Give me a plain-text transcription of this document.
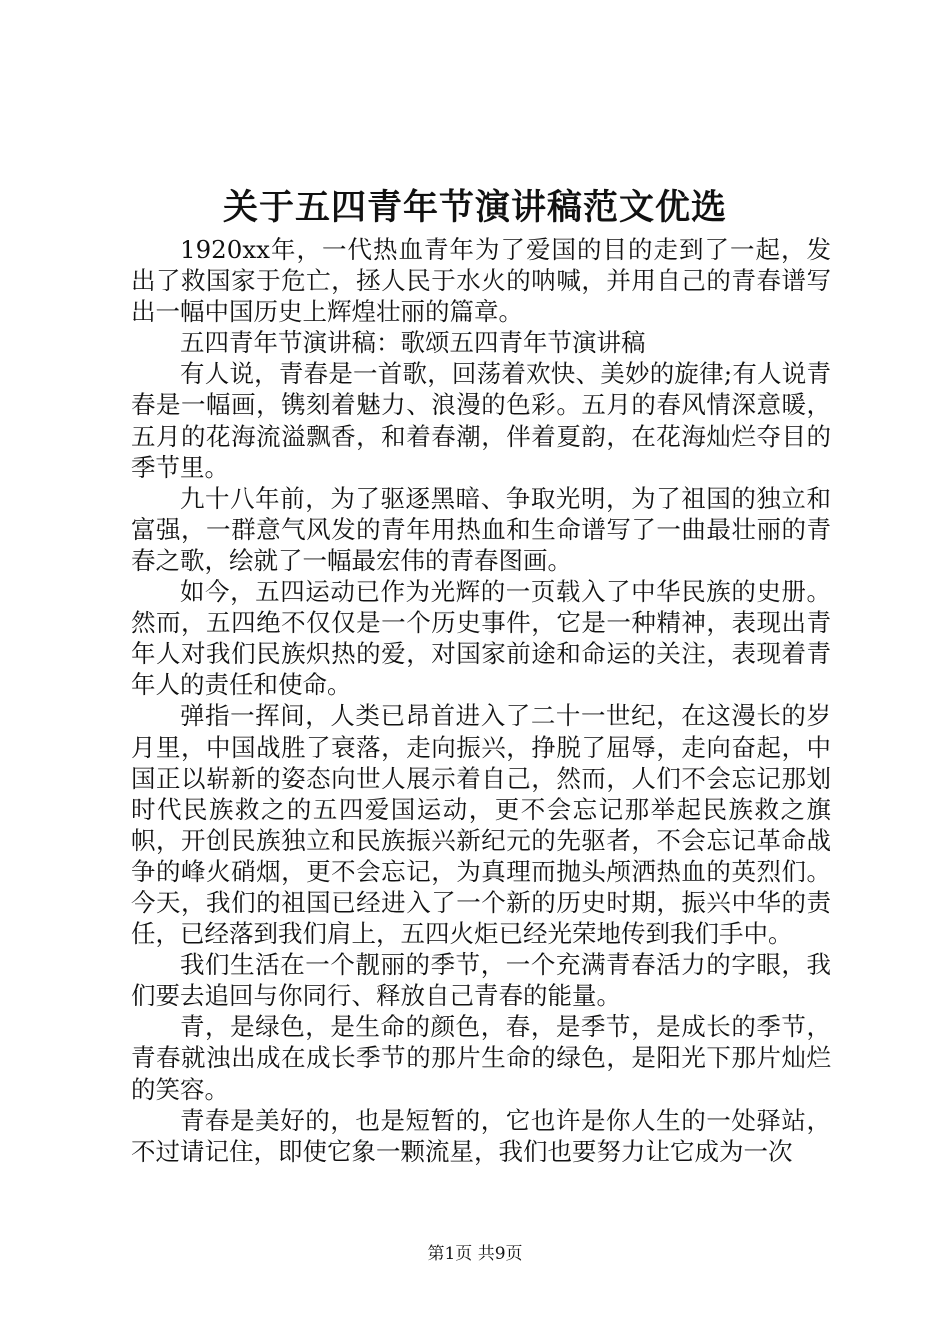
关于五四青年节演讲稿范文优选

1920xx年，一代热血青年为了爱国的目的走到了一起，发出了救国家于危亡，拯人民于水火的呐喊，并用自己的青春谱写出一幅中国历史上辉煌壮丽的篇章。

五四青年节演讲稿：歌颂五四青年节演讲稿

有人说，青春是一首歌，回荡着欢快、美妙的旋律;有人说青春是一幅画，镌刻着魅力、浪漫的色彩。五月的春风情深意暖，五月的花海流溢飘香，和着春潮，伴着夏韵，在花海灿烂夺目的季节里。

九十八年前，为了驱逐黑暗、争取光明，为了祖国的独立和富强，一群意气风发的青年用热血和生命谱写了一曲最壮丽的青春之歌，绘就了一幅最宏伟的青春图画。

如今，五四运动已作为光辉的一页载入了中华民族的史册。然而，五四绝不仅仅是一个历史事件，它是一种精神，表现出青年人对我们民族炽热的爱，对国家前途和命运的关注，表现着青年人的责任和使命。

弹指一挥间，人类已昂首进入了二十一世纪，在这漫长的岁月里，中国战胜了衰落，走向振兴，挣脱了屈辱，走向奋起，中国正以崭新的姿态向世人展示着自己，然而，人们不会忘记那划时代民族救之的五四爱国运动，更不会忘记那举起民族救之旗帜，开创民族独立和民族振兴新纪元的先驱者，不会忘记革命战争的峰火硝烟，更不会忘记，为真理而抛头颅洒热血的英烈们。今天，我们的祖国已经进入了一个新的历史时期，振兴中华的责任，已经落到我们肩上，五四火炬已经光荣地传到我们手中。

我们生活在一个靓丽的季节，一个充满青春活力的字眼，我们要去追回与你同行、释放自己青春的能量。

青，是绿色，是生命的颜色，春，是季节，是成长的季节，青春就浊出成在成长季节的那片生命的绿色，是阳光下那片灿烂的笑容。

青春是美好的，也是短暂的，它也许是你人生的一处驿站，不过请记住，即使它象一颗流星，我们也要努力让它成为一次

第1页 共9页
